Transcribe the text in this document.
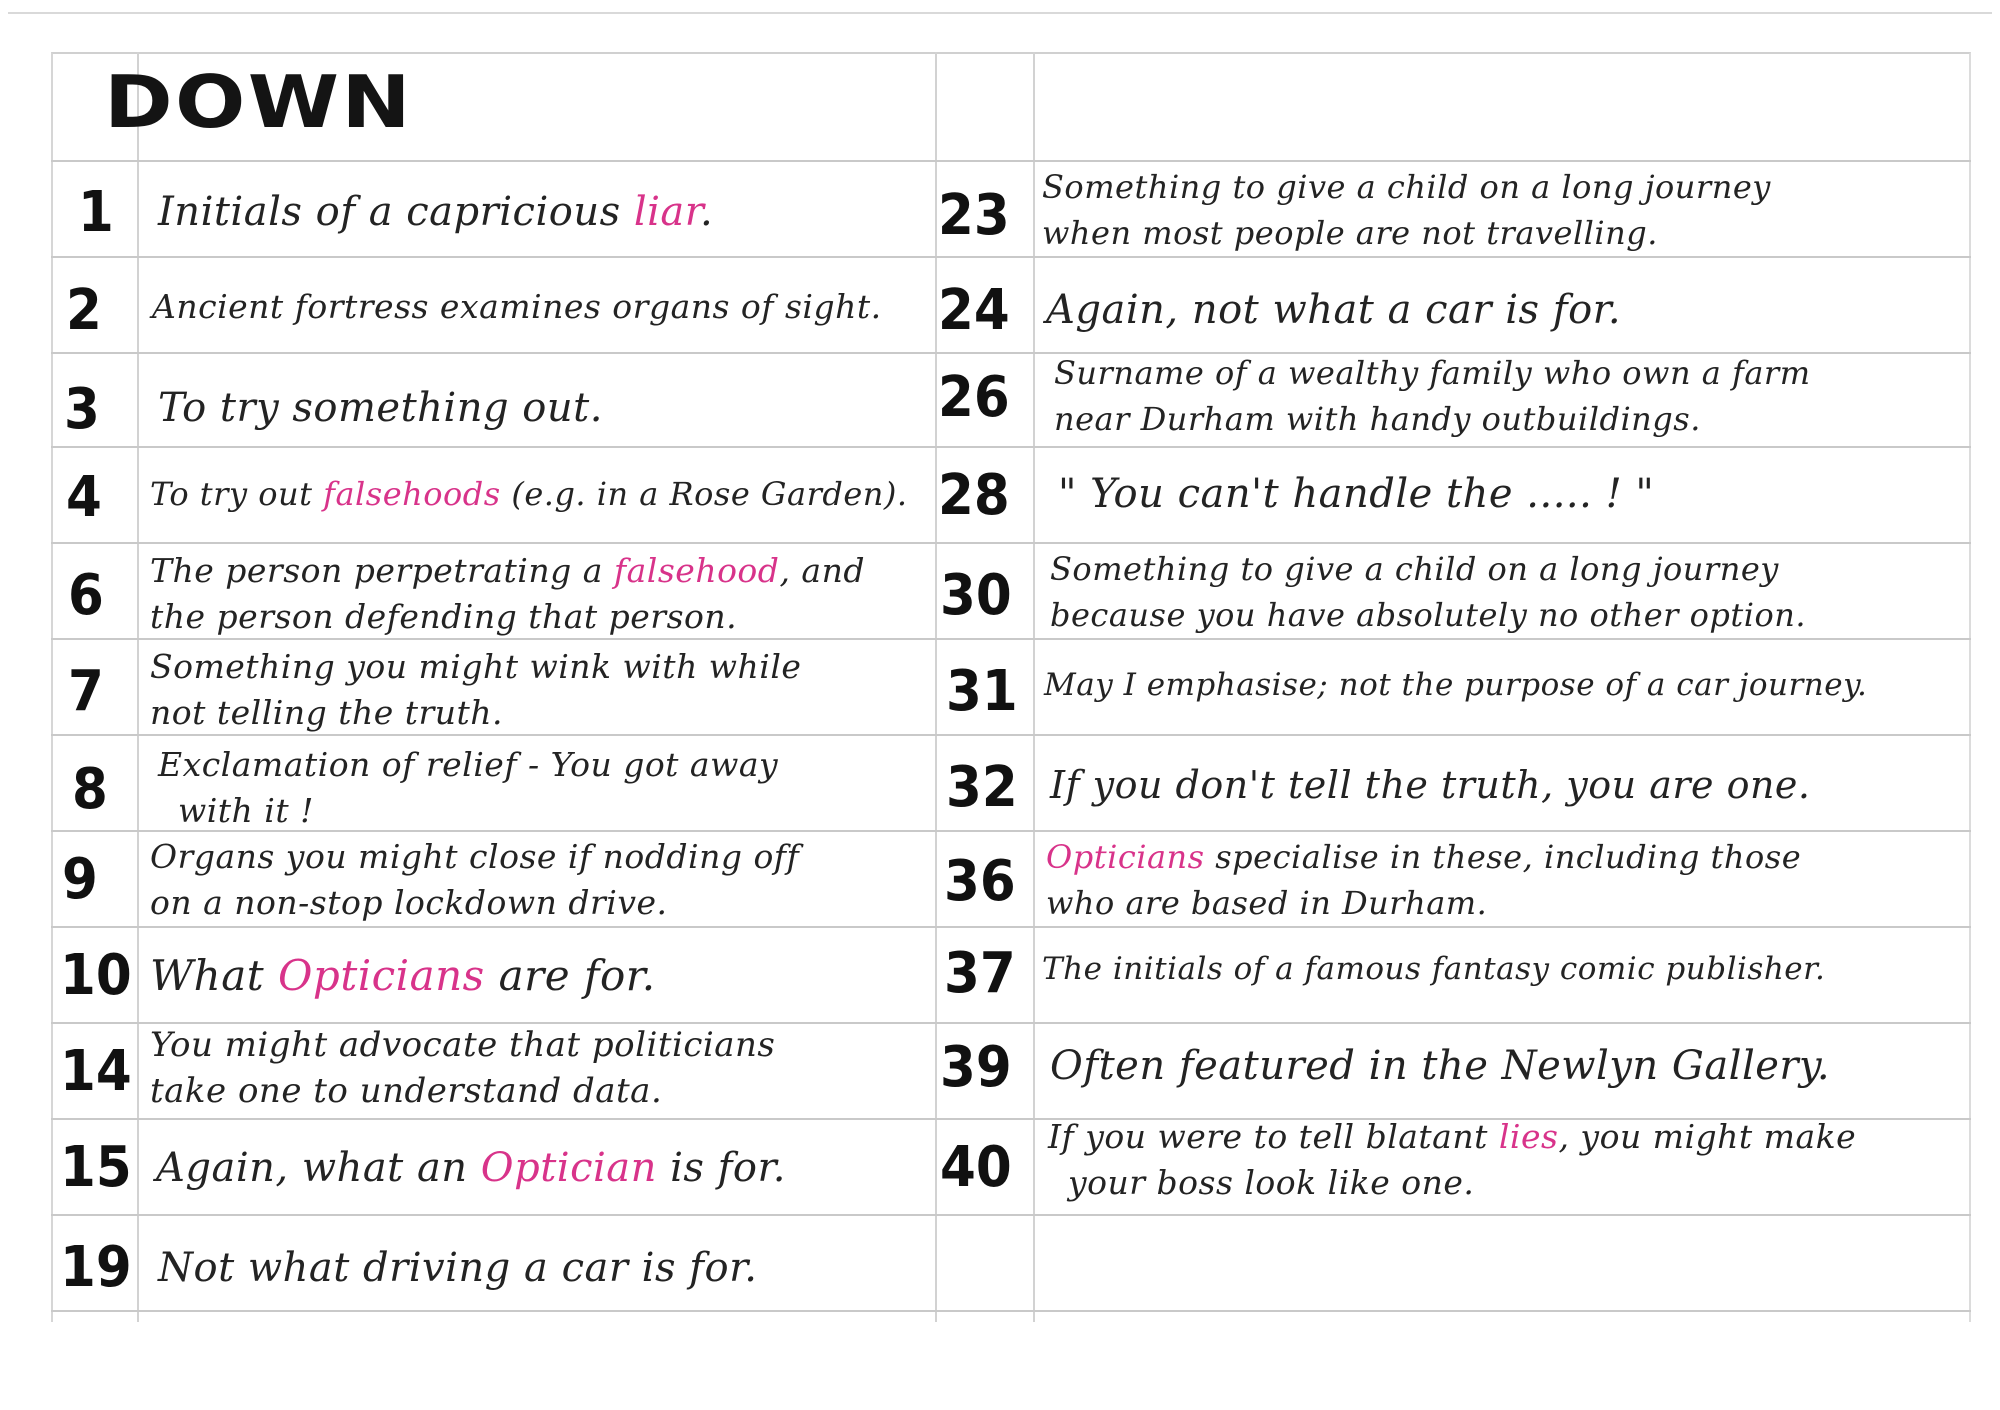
DOWN
1 Initials of a capricious liar.
2 Ancient fortress examines organs of sight.
3 To try something out.
4 To try out falsehoods (e.g. in a Rose Garden).
6 The person perpetrating a falsehood, and
the person defending that person.
7 Something you might wink with while
not telling the truth.
8 Exclamation of relief - You got away
with it !
9 Organs you might close if nodding off
on a non-stop lockdown drive.
10 What Opticians are for.
14 You might advocate that politicians
take one to understand data.
15 Again, what an Optician is for.
19 Not what driving a car is for.
23 Something to give a child on a long journey
when most people are not travelling.
24 Again, not what a car is for.
26 Surname of a wealthy family who own a farm
near Durham with handy outbuildings.
28 " You can't handle the ..... ! "
30 Something to give a child on a long journey
because you have absolutely no other option.
31 May I emphasise; not the purpose of a car journey.
32 If you don't tell the truth, you are one.
36 Opticians specialise in these, including those
who are based in Durham.
37 The initials of a famous fantasy comic publisher.
39 Often featured in the Newlyn Gallery.
40 If you were to tell blatant lies, you might make
your boss look like one.
